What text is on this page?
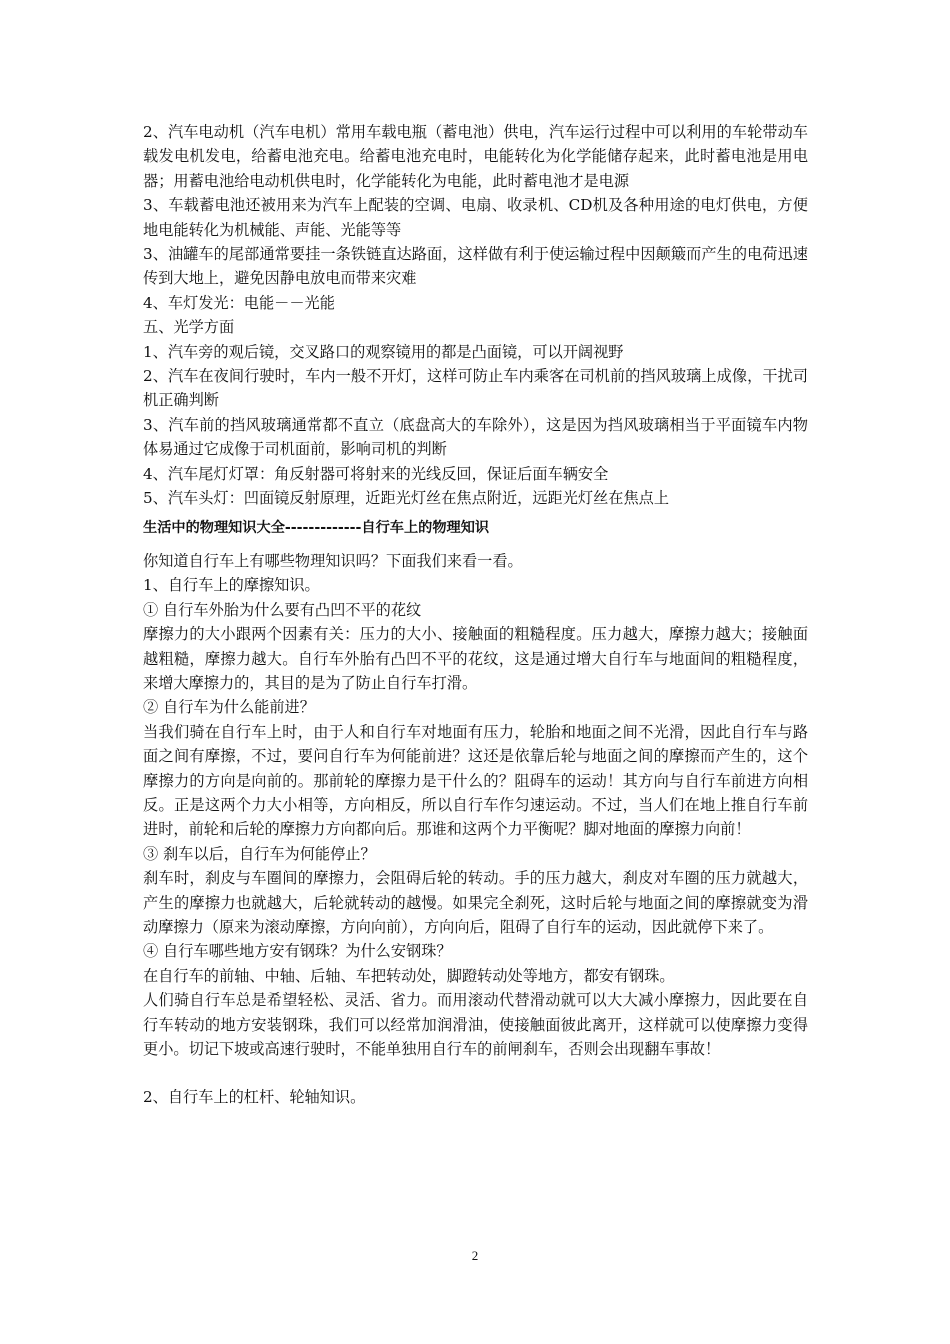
2、汽车电动机（汽车电机）常用车载电瓶（蓄电池）供电，汽车运行过程中可以利用的车轮带动车载发电机发电，给蓄电池充电。给蓄电池充电时，电能转化为化学能储存起来，此时蓄电池是用电器；用蓄电池给电动机供电时，化学能转化为电能，此时蓄电池才是电源

3、车载蓄电池还被用来为汽车上配装的空调、电扇、收录机、CD机及各种用途的电灯供电，方便地电能转化为机械能、声能、光能等等

3、油罐车的尾部通常要挂一条铁链直达路面，这样做有利于使运输过程中因颠簸而产生的电荷迅速传到大地上，避免因静电放电而带来灾难

4、车灯发光：电能－－光能

五、光学方面

1、汽车旁的观后镜，交叉路口的观察镜用的都是凸面镜，可以开阔视野

2、汽车在夜间行驶时，车内一般不开灯，这样可防止车内乘客在司机前的挡风玻璃上成像，干扰司机正确判断

3、汽车前的挡风玻璃通常都不直立（底盘高大的车除外），这是因为挡风玻璃相当于平面镜车内物体易通过它成像于司机面前，影响司机的判断

4、汽车尾灯灯罩：角反射器可将射来的光线反回，保证后面车辆安全

5、汽车头灯：凹面镜反射原理，近距光灯丝在焦点附近，远距光灯丝在焦点上

生活中的物理知识大全-------------自行车上的物理知识

你知道自行车上有哪些物理知识吗？下面我们来看一看。

1、自行车上的摩擦知识。

① 自行车外胎为什么要有凸凹不平的花纹

摩擦力的大小跟两个因素有关：压力的大小、接触面的粗糙程度。压力越大，摩擦力越大；接触面越粗糙，摩擦力越大。自行车外胎有凸凹不平的花纹，这是通过增大自行车与地面间的粗糙程度，来增大摩擦力的，其目的是为了防止自行车打滑。

② 自行车为什么能前进？

当我们骑在自行车上时，由于人和自行车对地面有压力，轮胎和地面之间不光滑，因此自行车与路面之间有摩擦，不过，要问自行车为何能前进？这还是依靠后轮与地面之间的摩擦而产生的，这个摩擦力的方向是向前的。那前轮的摩擦力是干什么的？阻碍车的运动！其方向与自行车前进方向相反。正是这两个力大小相等，方向相反，所以自行车作匀速运动。不过，当人们在地上推自行车前进时，前轮和后轮的摩擦力方向都向后。那谁和这两个力平衡呢？脚对地面的摩擦力向前！

③ 刹车以后，自行车为何能停止？

刹车时，刹皮与车圈间的摩擦力，会阻碍后轮的转动。手的压力越大，刹皮对车圈的压力就越大，产生的摩擦力也就越大，后轮就转动的越慢。如果完全刹死，这时后轮与地面之间的摩擦就变为滑动摩擦力（原来为滚动摩擦，方向向前），方向向后，阻碍了自行车的运动，因此就停下来了。

④ 自行车哪些地方安有钢珠？为什么安钢珠？

在自行车的前轴、中轴、后轴、车把转动处，脚蹬转动处等地方，都安有钢珠。

人们骑自行车总是希望轻松、灵活、省力。而用滚动代替滑动就可以大大减小摩擦力，因此要在自行车转动的地方安装钢珠，我们可以经常加润滑油，使接触面彼此离开，这样就可以使摩擦力变得更小。切记下坡或高速行驶时，不能单独用自行车的前闸刹车，否则会出现翻车事故！

2、自行车上的杠杆、轮轴知识。

2
